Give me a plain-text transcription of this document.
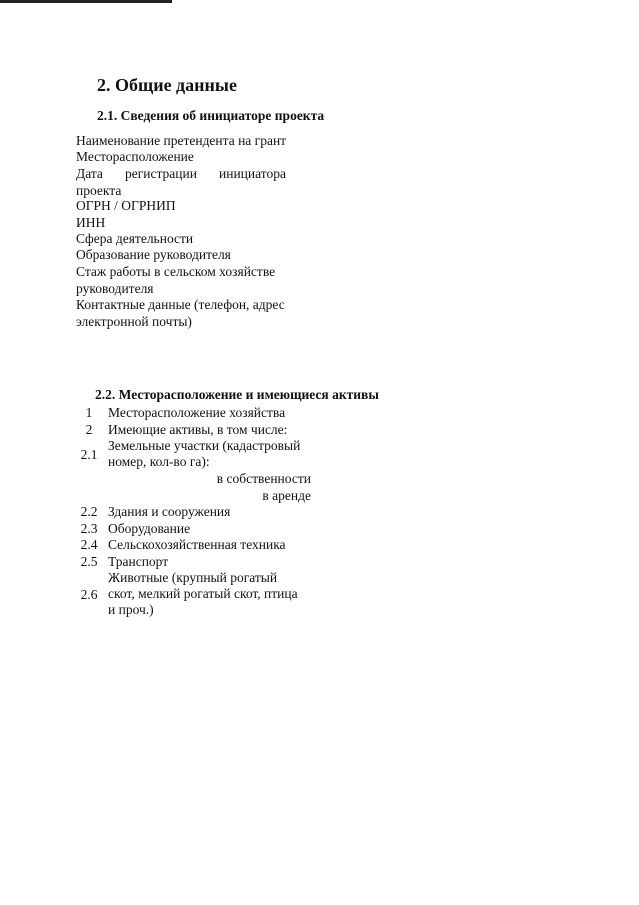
2. Общие данные
2.1. Сведения об инициаторе проекта
Наименование претендента на грант
Месторасположение
Дата регистрации инициатора
проекта
ОГРН / ОГРНИП
ИНН
Сфера деятельности
Образование руководителя
Стаж работы в сельском хозяйстве
руководителя
Контактные данные (телефон, адрес
электронной почты)
2.2. Месторасположение и имеющиеся активы
1	Месторасположение хозяйства
2	Имеющие активы, в том числе:
2.1
Земельные участки (кадастровый
номер, кол-во га):
в собственности
в аренде
2.2 Здания и сооружения
2.3 Оборудование
2.4 Сельскохозяйственная техника
2.5 Транспорт
2.6
Животные (крупный рогатый
скот, мелкий рогатый скот, птица
и проч.)
